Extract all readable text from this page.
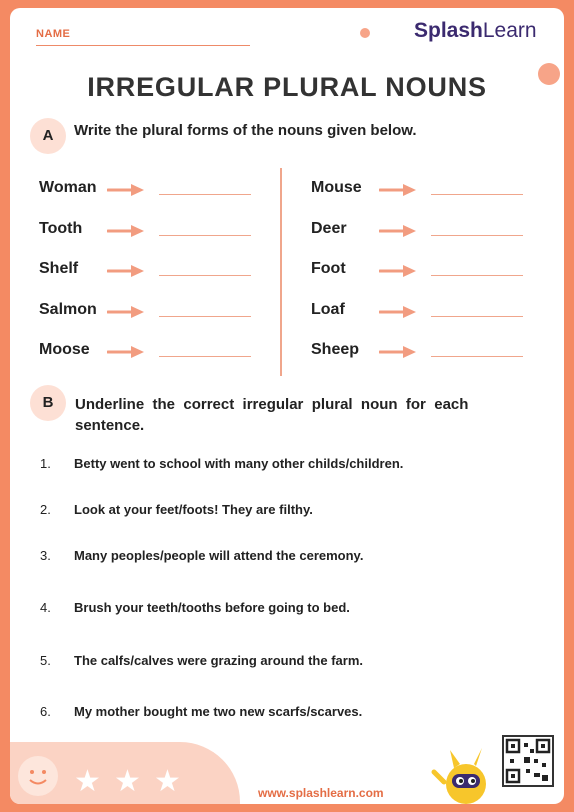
NAME	SplashLearn
IRREGULAR PLURAL NOUNS
A	Write the plural forms of the nouns given below.
Woman
Tooth
Shelf
Salmon
Moose
Mouse
Deer
Foot
Loaf
Sheep
B	Underline  the  correct  irregular  plural  noun  for  each
sentence.
1.	Betty went to school with many other childs/children.
2.	Look at your feet/foots! They are filthy.
3.	Many peoples/people will attend the ceremony.
4.	Brush your teeth/tooths before going to bed.
5.	The calfs/calves were grazing around the farm.
6.	My mother bought me two new scarfs/scarves.
★ ★ ★	www.splashlearn.com
